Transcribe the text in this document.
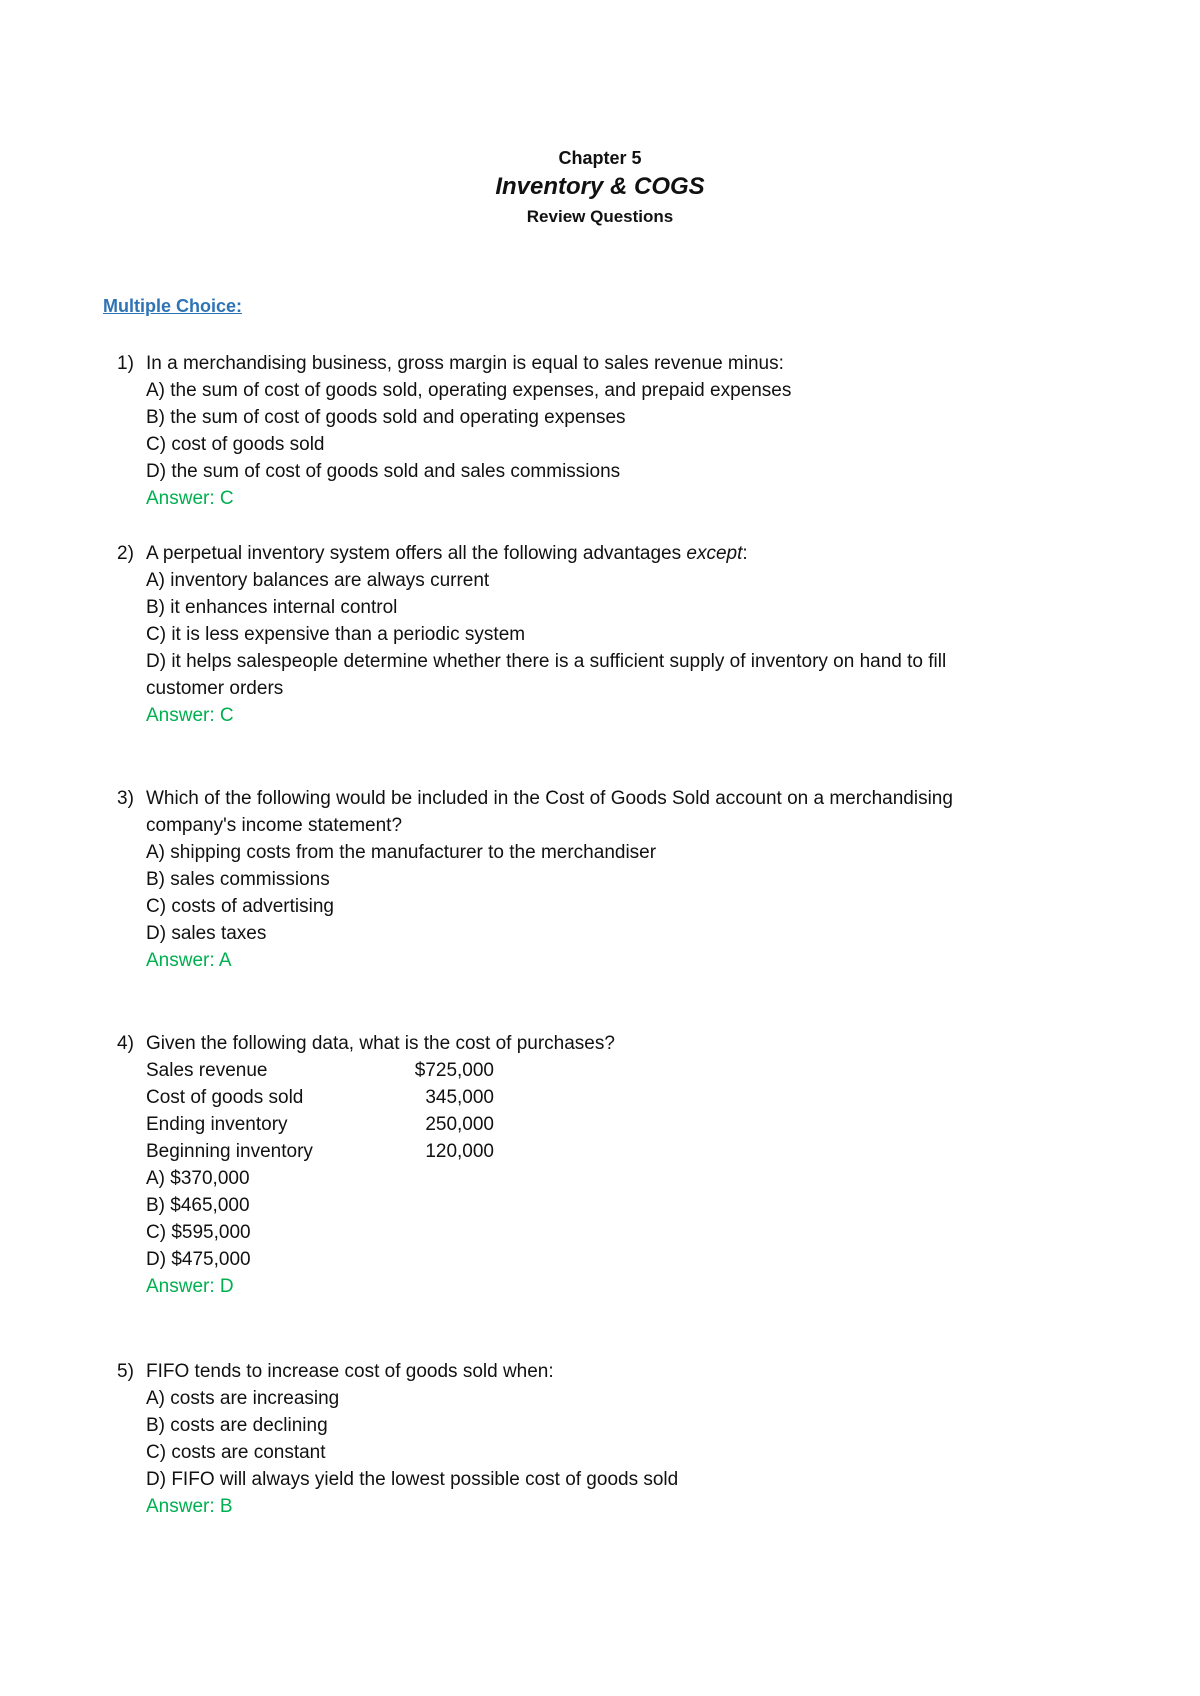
Chapter 5
Inventory & COGS
Review Questions
Multiple Choice:
1) In a merchandising business, gross margin is equal to sales revenue minus:
A) the sum of cost of goods sold, operating expenses, and prepaid expenses
B) the sum of cost of goods sold and operating expenses
C) cost of goods sold
D) the sum of cost of goods sold and sales commissions
Answer: C
2) A perpetual inventory system offers all the following advantages except:
A) inventory balances are always current
B) it enhances internal control
C) it is less expensive than a periodic system
D) it helps salespeople determine whether there is a sufficient supply of inventory on hand to fill
customer orders
Answer: C
3) Which of the following would be included in the Cost of Goods Sold account on a merchandising
company's income statement?
A) shipping costs from the manufacturer to the merchandiser
B) sales commissions
C) costs of advertising
D) sales taxes
Answer: A
4) Given the following data, what is the cost of purchases?
Sales revenue	$725,000
Cost of goods sold	345,000
Ending inventory	250,000
Beginning inventory	120,000
A) $370,000
B) $465,000
C) $595,000
D) $475,000
Answer: D
5) FIFO tends to increase cost of goods sold when:
A) costs are increasing
B) costs are declining
C) costs are constant
D) FIFO will always yield the lowest possible cost of goods sold
Answer: B
